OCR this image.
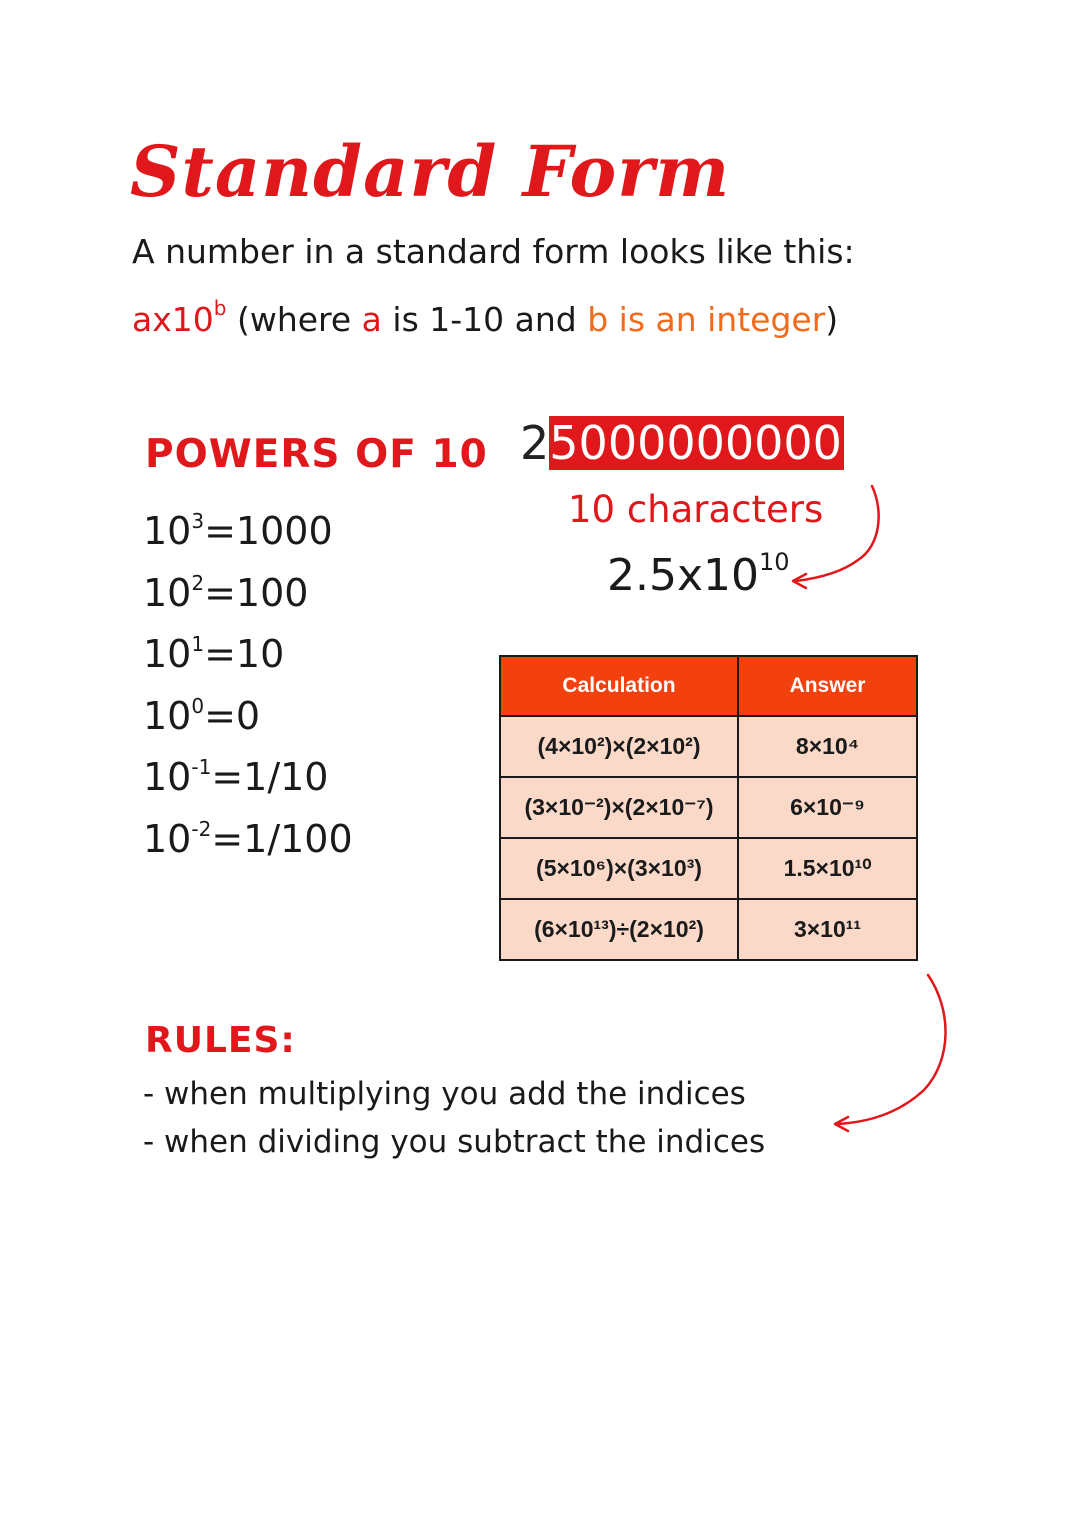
Standard Form
A number in a standard form looks like this:
ax10$^b$ (where a is 1-10 and b is an integer)
POWERS OF 10
$10^3=1000$
$10^2=100$
$10^1=10$
$10^0=0$
$10^{-1}=1/10$
$10^{-2}=1/100$
25000000000
10 characters
$2.5x10^{10}$
Calculation	Answer
(4×10²)×(2×10²)	8×10⁴
(3×10⁻²)×(2×10⁻⁷)	6×10⁻⁹
(5×10⁶)×(3×10³)	1.5×10¹⁰
(6×10¹³)÷(2×10²)	3×10¹¹
RULES:
- when multiplying you add the indices
- when dividing you subtract the indices
